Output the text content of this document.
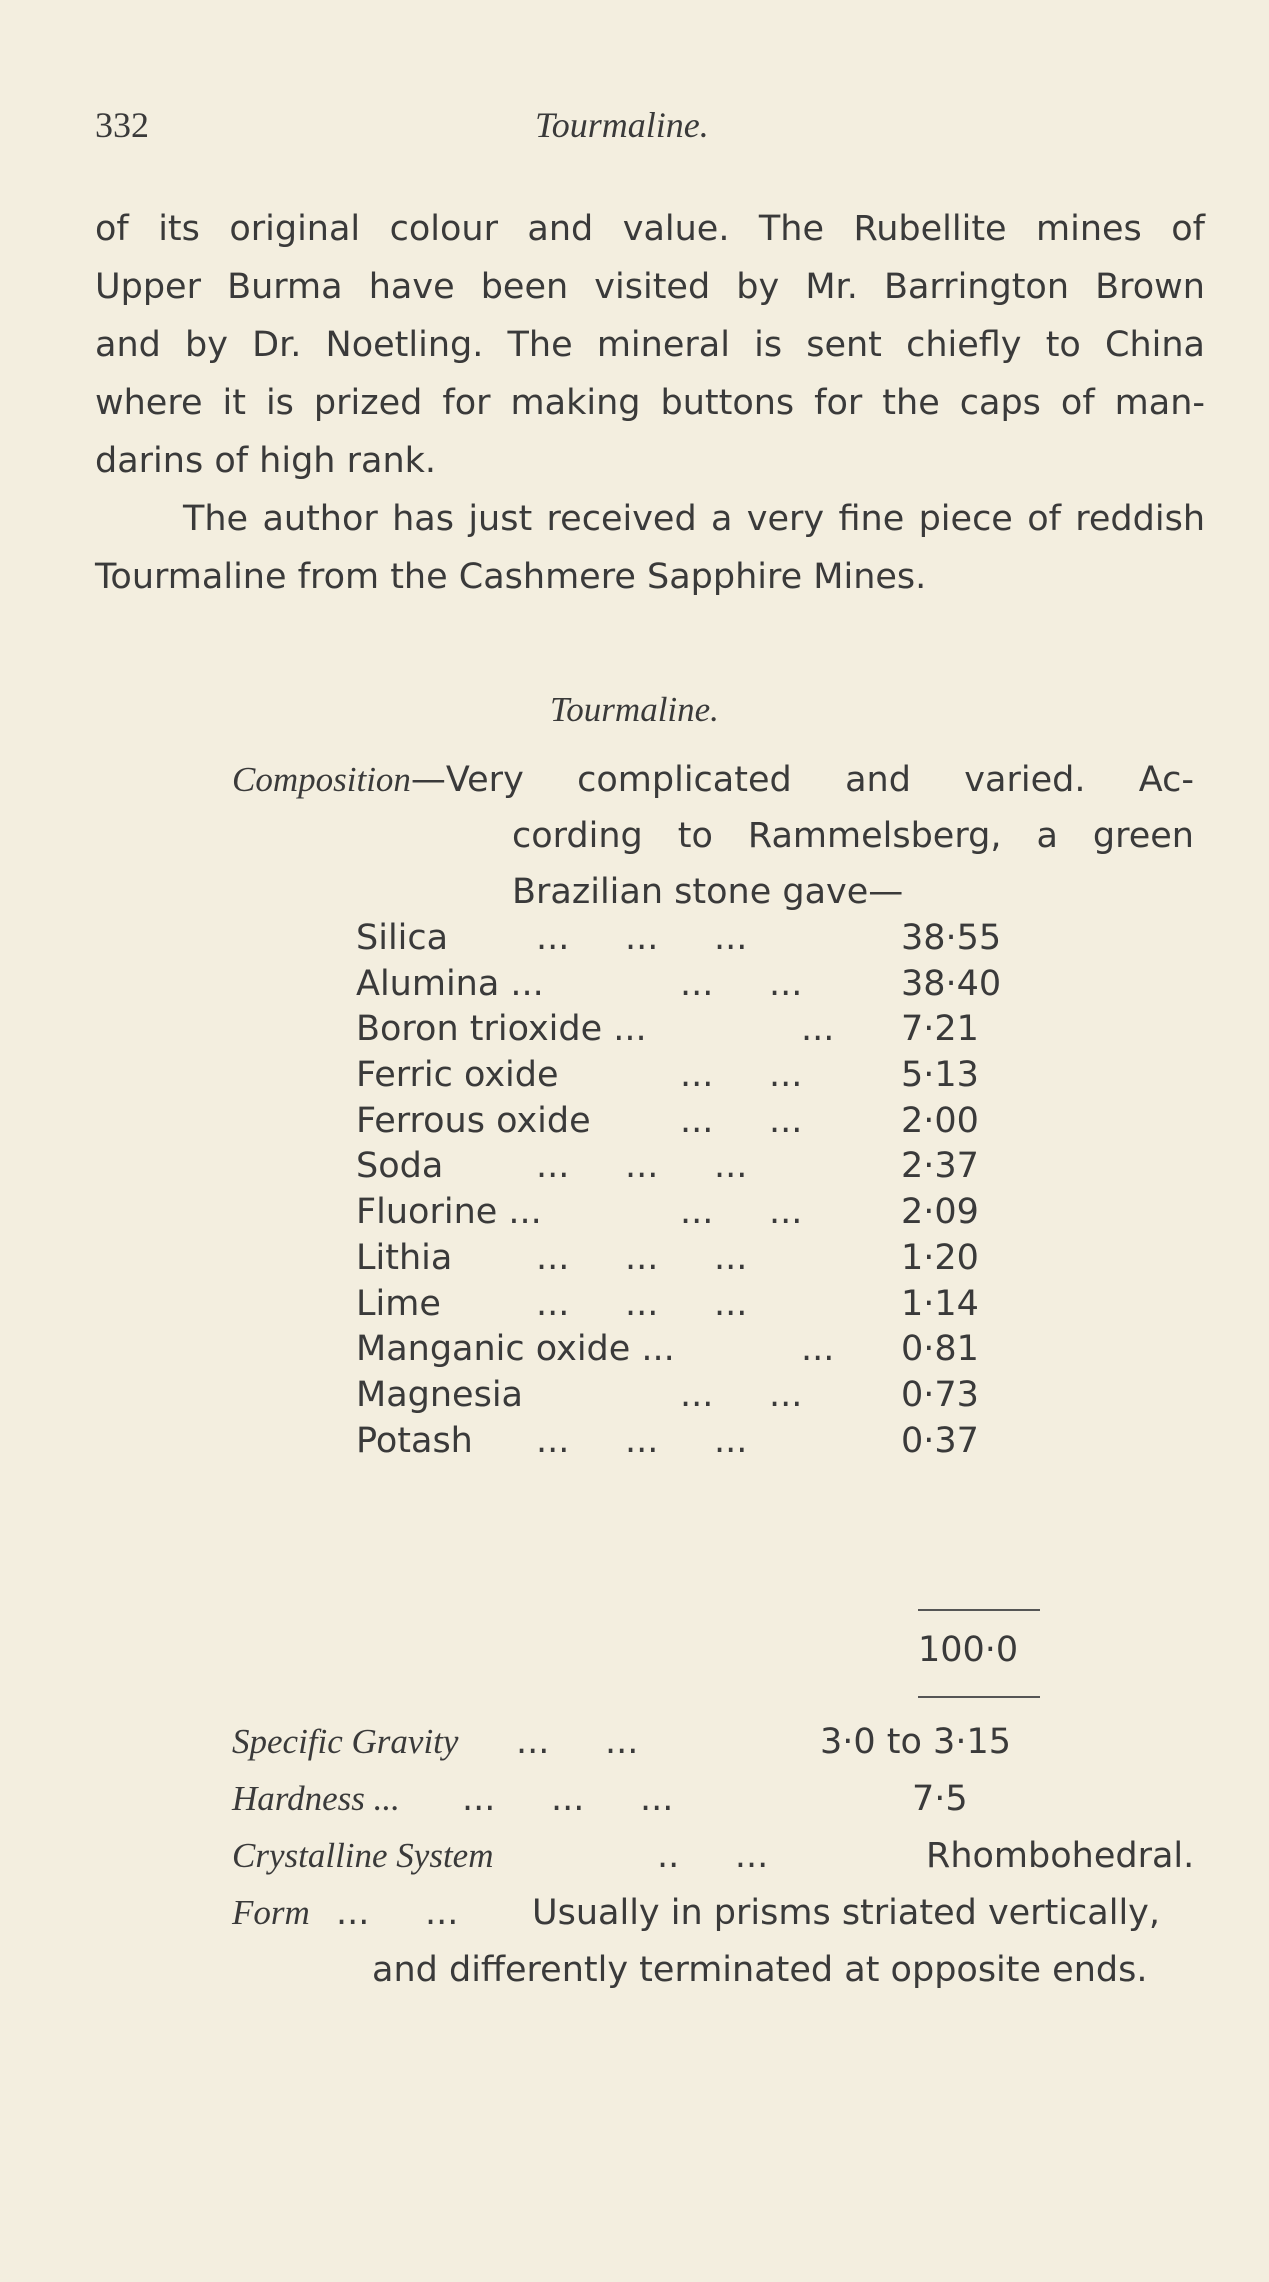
332	Tourmaline.

of its original colour and value. The Rubellite mines of
Upper Burma have been visited by Mr. Barrington Brown
and by Dr. Noetling. The mineral is sent chiefly to China
where it is prized for making buttons for the caps of man-
darins of high rank.

The author has just received a very fine piece of reddish
Tourmaline from the Cashmere Sapphire Mines.

Tourmaline.
Composition—Very complicated and varied. Ac-
cording to Rammelsberg, a green
Brazilian stone gave—
Silica	...     ...     ...	38·55
Alumina ...	...     ...	38·40
Boron trioxide ...	... 7·21
Ferric oxide	...     ...	5·13
Ferrous oxide	...     ...	2·00
Soda	...     ...     ...	2·37
Fluorine ...	...     ...	2·09
Lithia ...     ...     ...	1·20
Lime	...     ...     ...	1·14
Manganic oxide ...	... 0·81
Magnesia	...     ...	0·73
Potash ...     ...     ...	0·37
100·0
Specific Gravity ...     ...	3·0 to 3·15
Hardness ... ...     ...     ...	7·5
Crystalline System	..     ...	Rhombohedral.
Form ...     ... Usually in prisms striated vertically,
and differently terminated at opposite ends.
